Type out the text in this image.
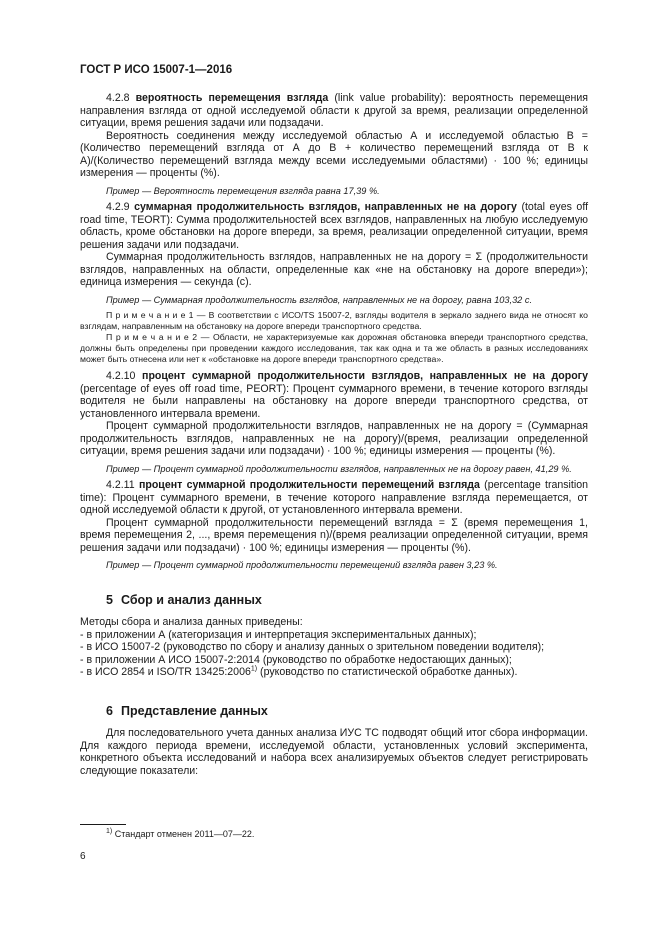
ГОСТ Р ИСО 15007-1—2016

4.2.8 вероятность перемещения взгляда (link value probability): вероятность перемещения направления взгляда от одной исследуемой области к другой за время, реализации определенной ситуации, время решения задачи или подзадачи.

Вероятность соединения между исследуемой областью А и исследуемой областью В = (Количество перемещений взгляда от А до В + количество перемещений взгляда от В к А)/(Количество перемещений взгляда между всеми исследуемыми областями) · 100 %; единицы измерения — проценты (%).

Пример — Вероятность перемещения взгляда равна 17,39 %.

4.2.9 суммарная продолжительность взглядов, направленных не на дорогу (total eyes off road time, TEORT): Сумма продолжительностей всех взглядов, направленных на любую исследуемую область, кроме обстановки на дороге впереди, за время, реализации определенной ситуации, время решения задачи или подзадачи.

Суммарная продолжительность взглядов, направленных не на дорогу = Σ (продолжительности взглядов, направленных на области, определенные как «не на обстановку на дороге впереди»); единица измерения — секунда (с).

Пример — Суммарная продолжительность взглядов, направленных не на дорогу, равна 103,32 с.

П р и м е ч а н и е 1 — В соответствии с ИСО/TS 15007-2, взгляды водителя в зеркало заднего вида не относят ко взглядам, направленным на обстановку на дороге впереди транспортного средства.

П р и м е ч а н и е 2 — Области, не характеризуемые как дорожная обстановка впереди транспортного средства, должны быть определены при проведении каждого исследования, так как одна и та же область в разных исследованиях может быть отнесена или нет к «обстановке на дороге впереди транспортного средства».

4.2.10 процент суммарной продолжительности взглядов, направленных не на дорогу (percentage of eyes off road time, PEORT): Процент суммарного времени, в течение которого взгляды водителя не были направлены на обстановку на дороге впереди транспортного средства, от установленного интервала времени.

Процент суммарной продолжительности взглядов, направленных не на дорогу = (Суммарная продолжительность взглядов, направленных не на дорогу)/(время, реализации определенной ситуации, время решения задачи или подзадачи) · 100 %; единицы измерения — проценты (%).

Пример — Процент суммарной продолжительности взглядов, направленных не на дорогу равен, 41,29 %.

4.2.11 процент суммарной продолжительности перемещений взгляда (percentage transition time): Процент суммарного времени, в течение которого направление взгляда перемещается, от одной исследуемой области к другой, от установленного интервала времени.

Процент суммарной продолжительности перемещений взгляда = Σ (время перемещения 1, время перемещения 2, ..., время перемещения n)/(время реализации определенной ситуации, время решения задачи или подзадачи) · 100 %; единицы измерения — проценты (%).

Пример — Процент суммарной продолжительности перемещений взгляда равен 3,23 %.

5 Сбор и анализ данных

Методы сбора и анализа данных приведены:

- в приложении А (категоризация и интерпретация экспериментальных данных);

- в ИСО 15007-2 (руководство по сбору и анализу данных о зрительном поведении водителя);

- в приложении А ИСО 15007-2:2014 (руководство по обработке недостающих данных);

- в ИСО 2854 и ISO/TR 13425:2006$^{1)}$ (руководство по статистической обработке данных).

6 Представление данных

Для последовательного учета данных анализа ИУС ТС подводят общий итог сбора информации. Для каждого периода времени, исследуемой области, установленных условий эксперимента, конкретного объекта исследований и набора всех анализируемых объектов следует регистрировать следующие показатели:

$^{1)}$ Стандарт отменен 2011—07—22.
6
